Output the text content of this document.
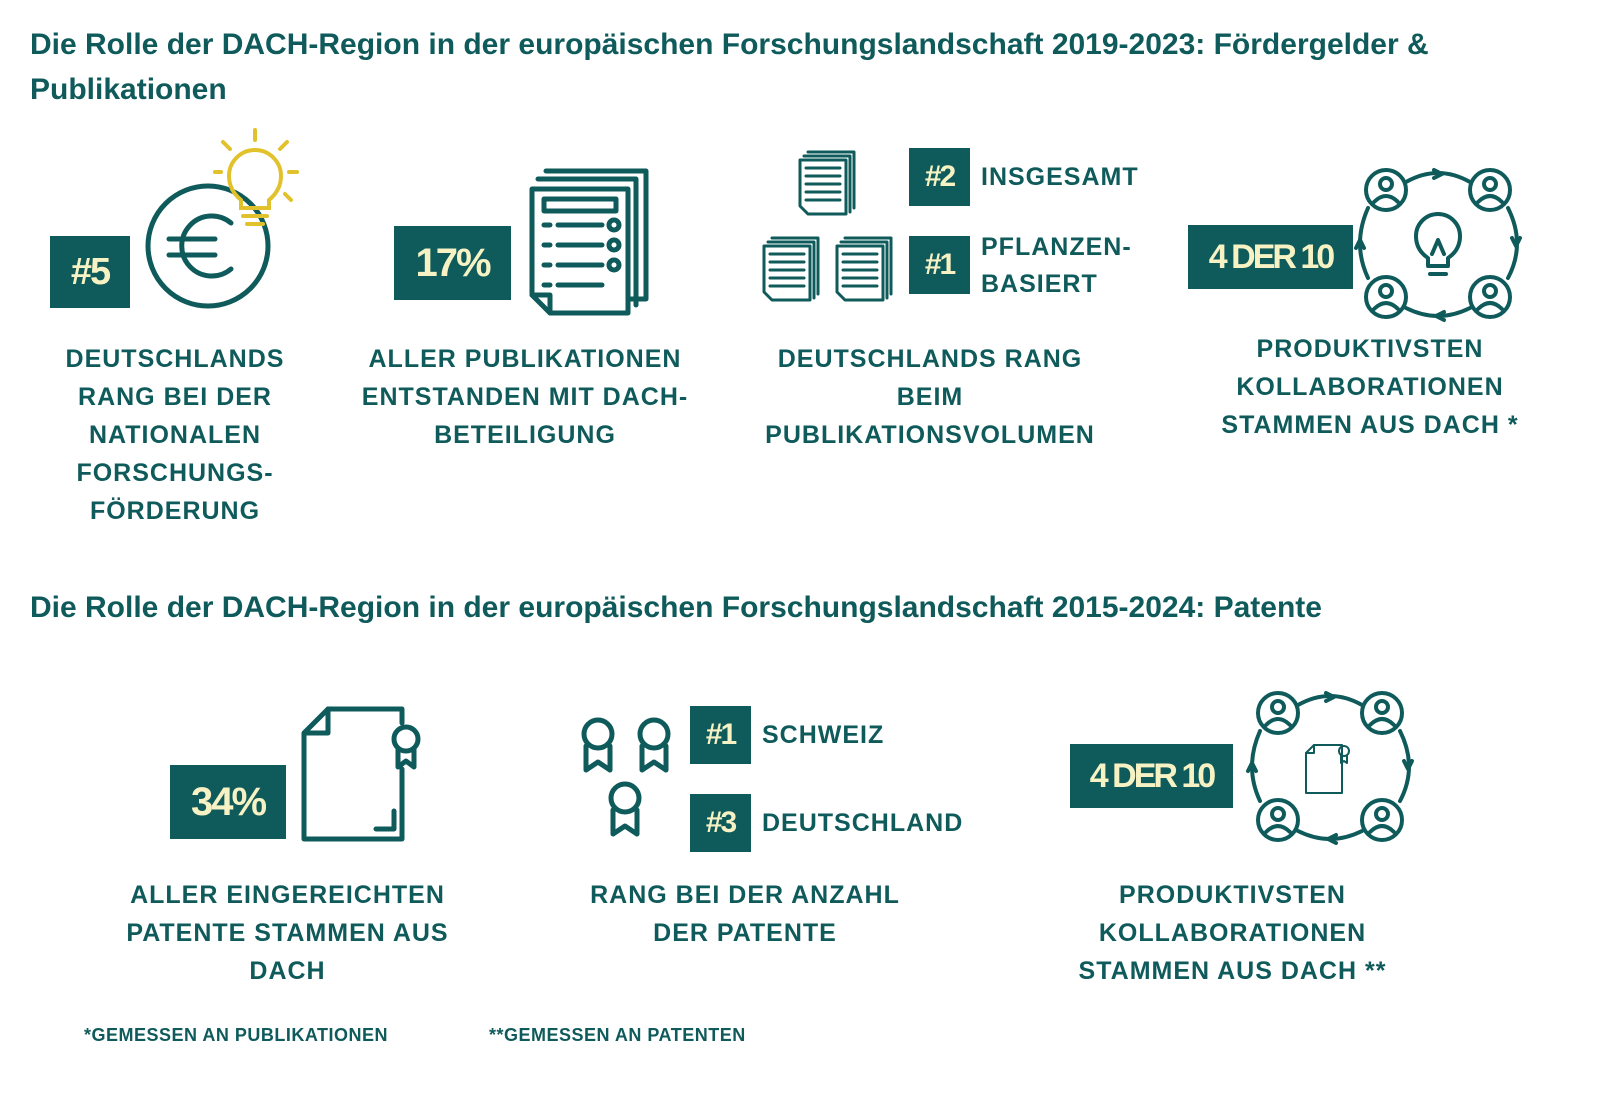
Die Rolle der DACH-Region in der europäischen Forschungslandschaft 2019-2023: Fördergelder & Publikationen
#5
DEUTSCHLANDS RANG BEI DER NATIONALEN FORSCHUNGS- FÖRDERUNG
17%
ALLER PUBLIKATIONEN ENTSTANDEN MIT DACH- BETEILIGUNG
#2	INSGESAMT
#1
PFLANZEN- BASIERT
DEUTSCHLANDS RANG BEIM PUBLIKATIONSVOLUMEN
4 DER 10
PRODUKTIVSTEN KOLLABORATIONEN STAMMEN AUS DACH *
Die Rolle der DACH-Region in der europäischen Forschungslandschaft 2015-2024: Patente
34%
ALLER EINGEREICHTEN PATENTE STAMMEN AUS DACH
#1	SCHWEIZ
#3	DEUTSCHLAND
RANG BEI DER ANZAHL DER PATENTE
4 DER 10
PRODUKTIVSTEN KOLLABORATIONEN STAMMEN AUS DACH **
*GEMESSEN AN PUBLIKATIONEN	**GEMESSEN AN PATENTEN
